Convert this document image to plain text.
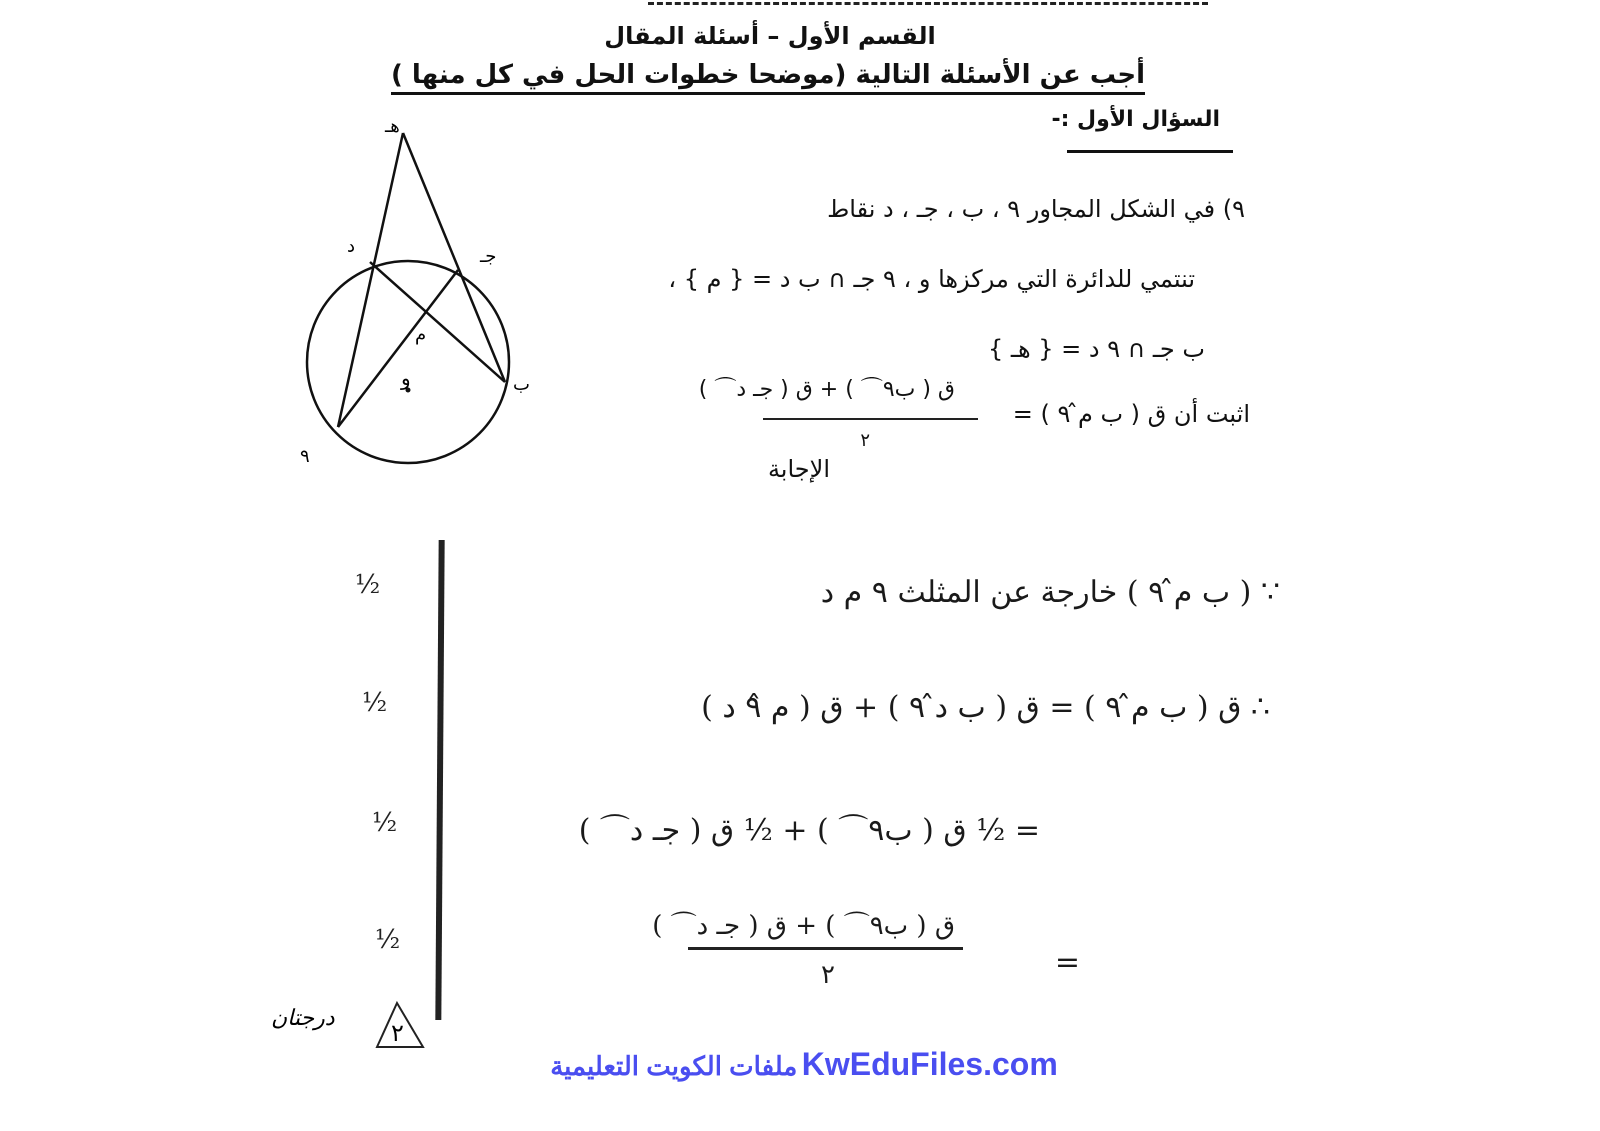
القسم الأول – أسئلة المقال
أجب عن الأسئلة التالية (موضحا خطوات الحل في كل منها )
السؤال الأول :-
٩) في الشكل المجاور ٩ ، ب ، جـ ، د نقاط
تنتمي للدائرة التي مركزها و ، ٩ جـ ∩ ب د = { م } ،
ب جـ ∩ ٩ د = { هـ }
اثبت أن ق ( ب م̂ ٩ ) =
ق ( ب٩⌒ ) + ق ( جـ د⌒ )
٢
الإجابة
هـ
د	جـ
م
و	ب
٩
∵ ( ب م̂ ٩ ) خارجة عن المثلث ٩ م د
∴ ق ( ب م̂ ٩ ) = ق ( ب د̂ ٩ ) + ق ( م ٩̂ د )
= ½ ق ( ب٩⌒ ) + ½ ق ( جـ د⌒ )
ق ( ب٩⌒ ) + ق ( جـ د⌒ )
٢	=
½
½
½
½
٢
درجتان
ملفات الكويت التعليمية KwEduFiles.com
